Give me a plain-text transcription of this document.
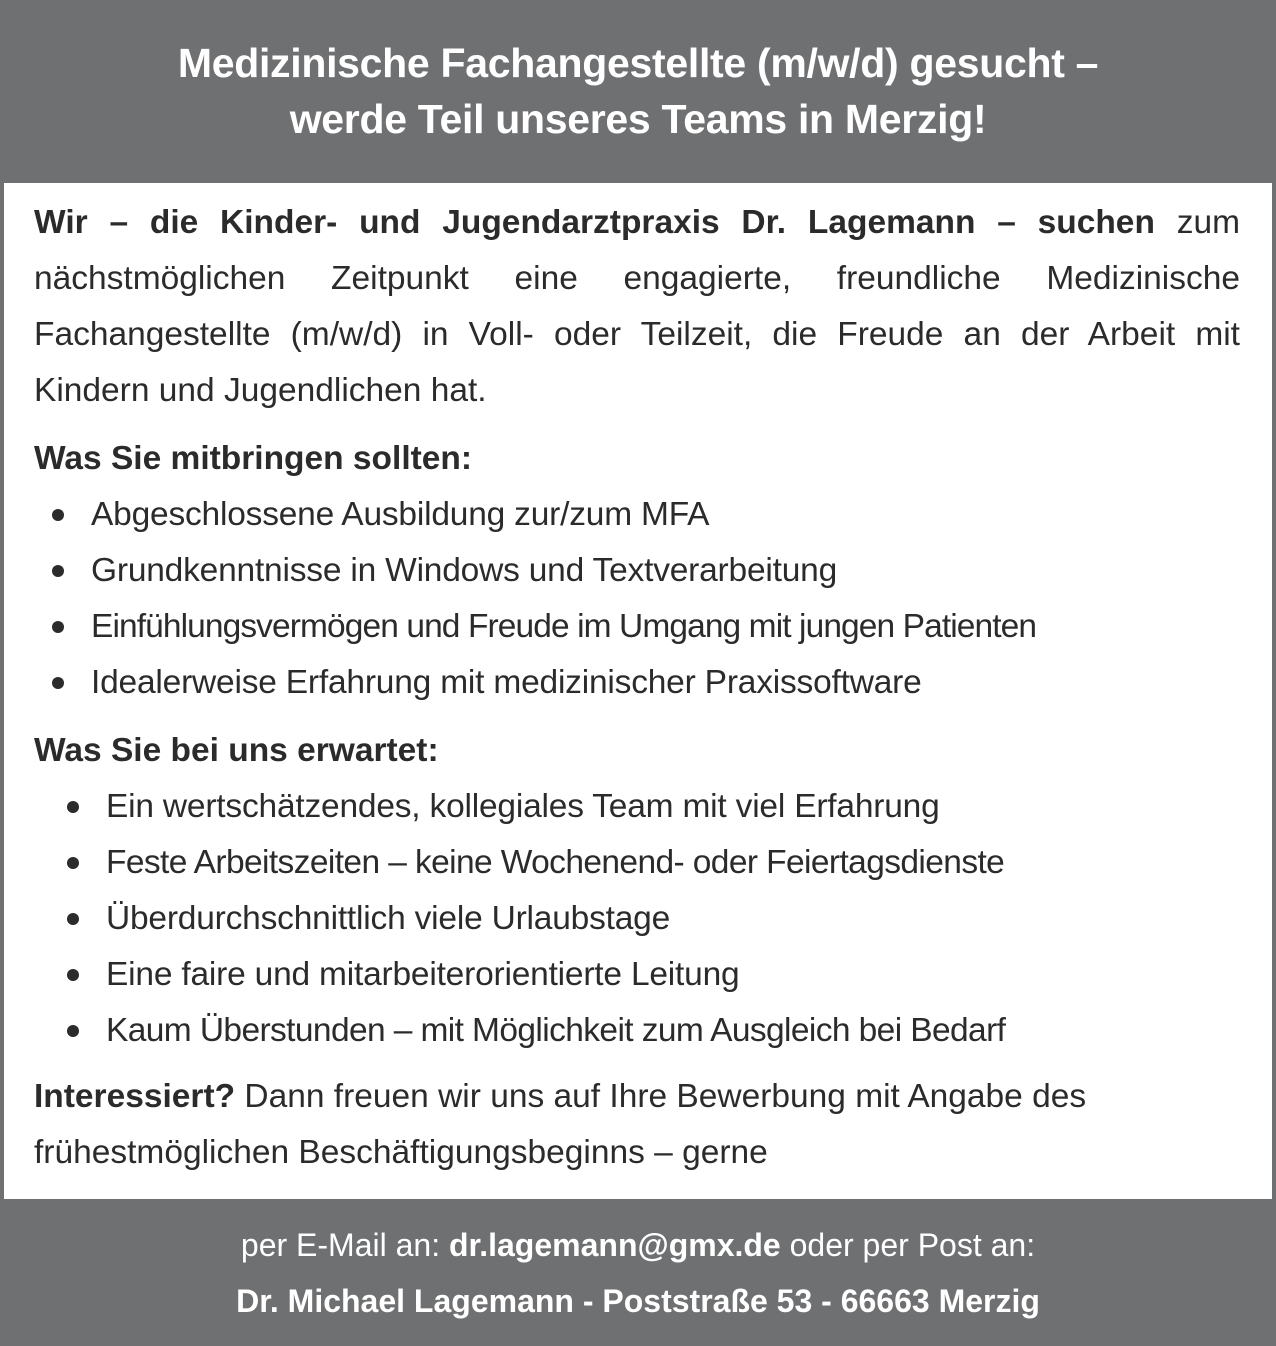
Medizinische Fachangestellte (m/w/d) gesucht –
werde Teil unseres Teams in Merzig!

Wir – die Kinder- und Jugendarztpraxis Dr. Lagemann – suchen zum nächstmöglichen Zeitpunkt eine engagierte, freundliche Medizinische Fachangestellte (m/w/d) in Voll- oder Teilzeit, die Freude an der Arbeit mit Kindern und Jugendlichen hat.

Was Sie mitbringen sollten:
Abgeschlossene Ausbildung zur/zum MFA
Grundkenntnisse in Windows und Textverarbeitung
Einfühlungsvermögen und Freude im Umgang mit jungen Patienten
Idealerweise Erfahrung mit medizinischer Praxissoftware
Was Sie bei uns erwartet:
Ein wertschätzendes, kollegiales Team mit viel Erfahrung
Feste Arbeitszeiten – keine Wochenend- oder Feiertagsdienste
Überdurchschnittlich viele Urlaubstage
Eine faire und mitarbeiterorientierte Leitung
Kaum Überstunden – mit Möglichkeit zum Ausgleich bei Bedarf

Interessiert? Dann freuen wir uns auf Ihre Bewerbung mit Angabe des frühestmöglichen Beschäftigungsbeginns – gerne

per E-Mail an: dr.lagemann@gmx.de oder per Post an:
Dr. Michael Lagemann - Poststraße 53 - 66663 Merzig
